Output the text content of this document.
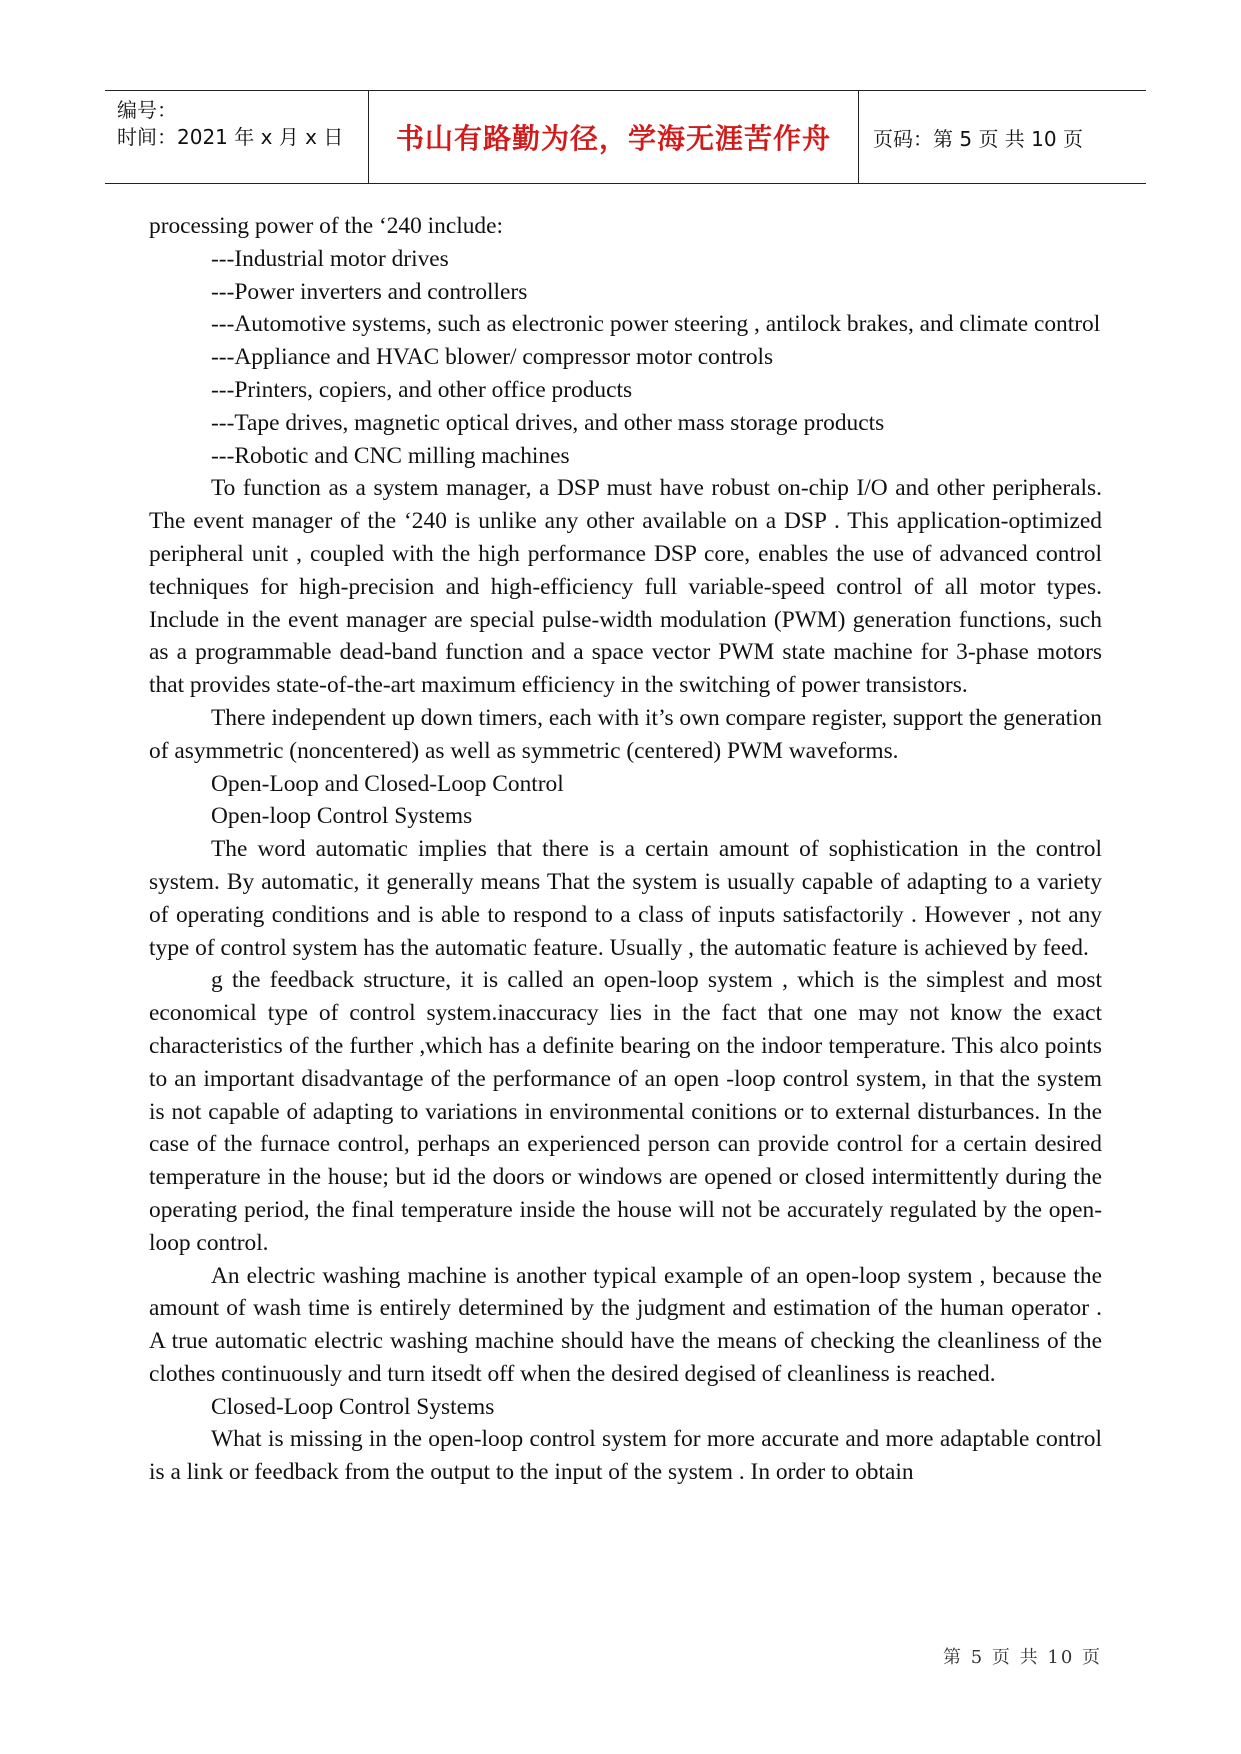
编号：
时间：2021 年 x 月 x 日 书山有路勤为径，学海无涯苦作舟 页码：第 5 页 共 10 页

processing power of the ‘240 include:

---Industrial motor drives

---Power inverters and controllers

---Automotive systems, such as electronic power steering , antilock brakes, and climate control

---Appliance and HVAC blower/ compressor motor controls

---Printers, copiers, and other office products

---Tape drives, magnetic optical drives, and other mass storage products

---Robotic and CNC milling machines

To function as a system manager, a DSP must have robust on-chip I/O and other peripherals. The event manager of the ‘240 is unlike any other available on a DSP . This application-optimized peripheral unit , coupled with the high performance DSP core, enables the use of advanced control techniques for high-precision and high-efficiency full variable-speed control of all motor types. Include in the event manager are special pulse-width modulation (PWM) generation functions, such as a programmable dead-band function and a space vector PWM state machine for 3-phase motors that provides state-of-the-art maximum efficiency in the switching of power transistors.

There independent up down timers, each with it’s own compare register, support the generation of asymmetric (noncentered) as well as symmetric (centered) PWM waveforms.

Open-Loop and Closed-Loop Control

Open-loop Control Systems

The word automatic implies that there is a certain amount of sophistication in the control system. By automatic, it generally means That the system is usually capable of adapting to a variety of operating conditions and is able to respond to a class of inputs satisfactorily . However , not any type of control system has the automatic feature. Usually , the automatic feature is achieved by feed.

g the feedback structure, it is called an open-loop system , which is the simplest and most economical type of control system.inaccuracy lies in the fact that one may not know the exact characteristics of the further ,which has a definite bearing on the indoor temperature. This alco points to an important disadvantage of the performance of an open -loop control system, in that the system is not capable of adapting to variations in environmental conitions or to external disturbances. In the case of the furnace control, perhaps an experienced person can provide control for a certain desired temperature in the house; but id the doors or windows are opened or closed intermittently during the operating period, the final temperature inside the house will not be accurately regulated by the open-loop control.

An electric washing machine is another typical example of an open-loop system , because the amount of wash time is entirely determined by the judgment and estimation of the human operator . A true automatic electric washing machine should have the means of checking the cleanliness of the clothes continuously and turn itsedt off when the desired degised of cleanliness is reached.

Closed-Loop Control Systems

What is missing in the open-loop control system for more accurate and more adaptable control is a link or feedback from the output to the input of the system . In order to obtain

第 5 页 共 10 页
